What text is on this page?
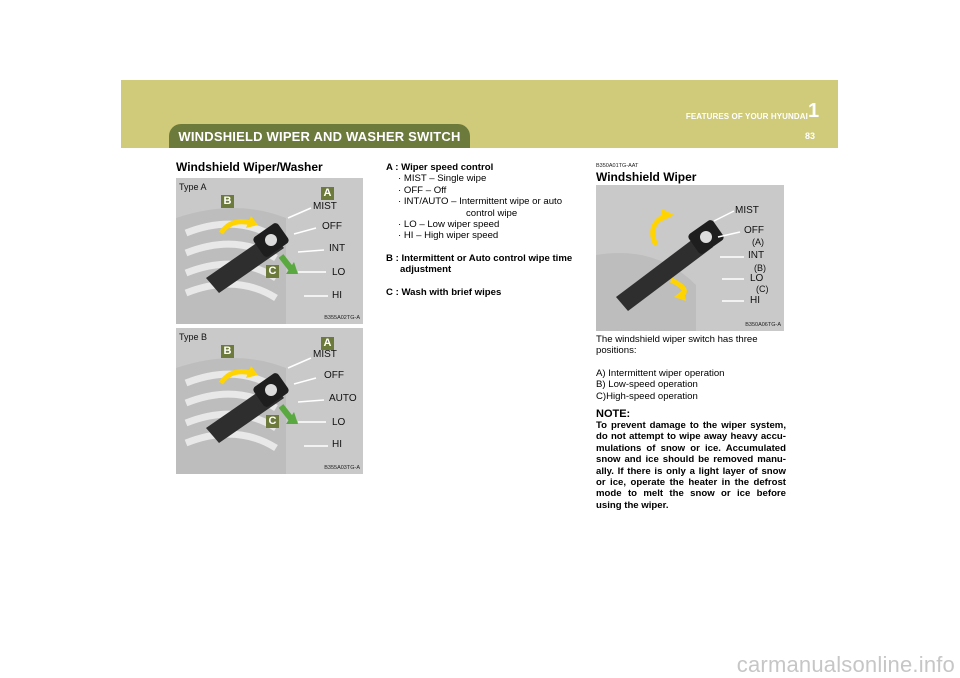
FEATURES OF YOUR HYUNDAI 1
83
WINDSHIELD WIPER AND WASHER SWITCH
Windshield Wiper/Washer
Type A	A
B
C
MIST
OFF
INT
LO
HI
B355A02TG-A
Type B	A
B
C
MIST
OFF
AUTO
LO
HI
B355A03TG-A
A : Wiper speed control
· MIST – Single wipe
· OFF – Off
· INT/AUTO – Intermittent wipe or auto
control wipe
· LO – Low wiper speed
· HI – High wiper speed
B : Intermittent or Auto control wipe time
adjustment
C : Wash with brief wipes
B350A01TG-AAT
Windshield Wiper
MIST
OFF
(A)
INT
(B)
LO
(C)
HI
B350A06TG-A
The windshield wiper switch has three positions:
A) Intermittent wiper operation
B) Low-speed operation
C)High-speed operation
NOTE:
To prevent damage to the wiper system, do not attempt to wipe away heavy accu-mulations of snow or ice. Accumulated snow and ice should be removed manu-ally. If there is only a light layer of snow or ice, operate the heater in the defrost mode to melt the snow or ice before using the wiper.
carmanualsonline.info
